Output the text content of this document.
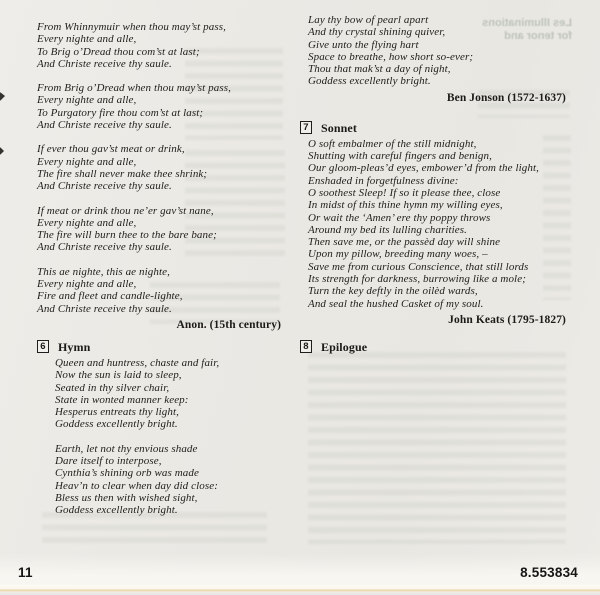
Les Illuminations
for tenor and
From Whinnymuir when thou may’st pass,
Every nighte and alle,
To Brig o’Dread thou com’st at last;
And Christe receive thy saule.
From Brig o’Dread when thou may’st pass,
Every nighte and alle,
To Purgatory fire thou com’st at last;
And Christe receive thy saule.
If ever thou gav’st meat or drink,
Every nighte and alle,
The fire shall never make thee shrink;
And Christe receive thy saule.
If meat or drink thou ne’er gav’st nane,
Every nighte and alle,
The fire will burn thee to the bare bane;
And Christe receive thy saule.
This ae nighte, this ae nighte,
Every nighte and alle,
Fire and fleet and candle-lighte,
And Christe receive thy saule.
Anon. (15th century)
6 Hymn
Queen and huntress, chaste and fair,
Now the sun is laid to sleep,
Seated in thy silver chair,
State in wonted manner keep:
Hesperus entreats thy light,
Goddess excellently bright.
Earth, let not thy envious shade
Dare itself to interpose,
Cynthia’s shining orb was made
Heav’n to clear when day did close:
Bless us then with wished sight,
Goddess excellently bright.
Lay thy bow of pearl apart
And thy crystal shining quiver,
Give unto the flying hart
Space to breathe, how short so-ever;
Thou that mak’st a day of night,
Goddess excellently bright.
Ben Jonson (1572-1637)
7 Sonnet
O soft embalmer of the still midnight,
Shutting with careful fingers and benign,
Our gloom-pleas’d eyes, embower’d from the light,
Enshaded in forgetfulness divine:
O soothest Sleep! If so it please thee, close
In midst of this thine hymn my willing eyes,
Or wait the ‘Amen’ ere thy poppy throws
Around my bed its lulling charities.
Then save me, or the passèd day will shine
Upon my pillow, breeding many woes, –
Save me from curious Conscience, that still lords
Its strength for darkness, burrowing like a mole;
Turn the key deftly in the oilèd wards,
And seal the hushed Casket of my soul.
John Keats (1795-1827)
8 Epilogue
11	8.553834
